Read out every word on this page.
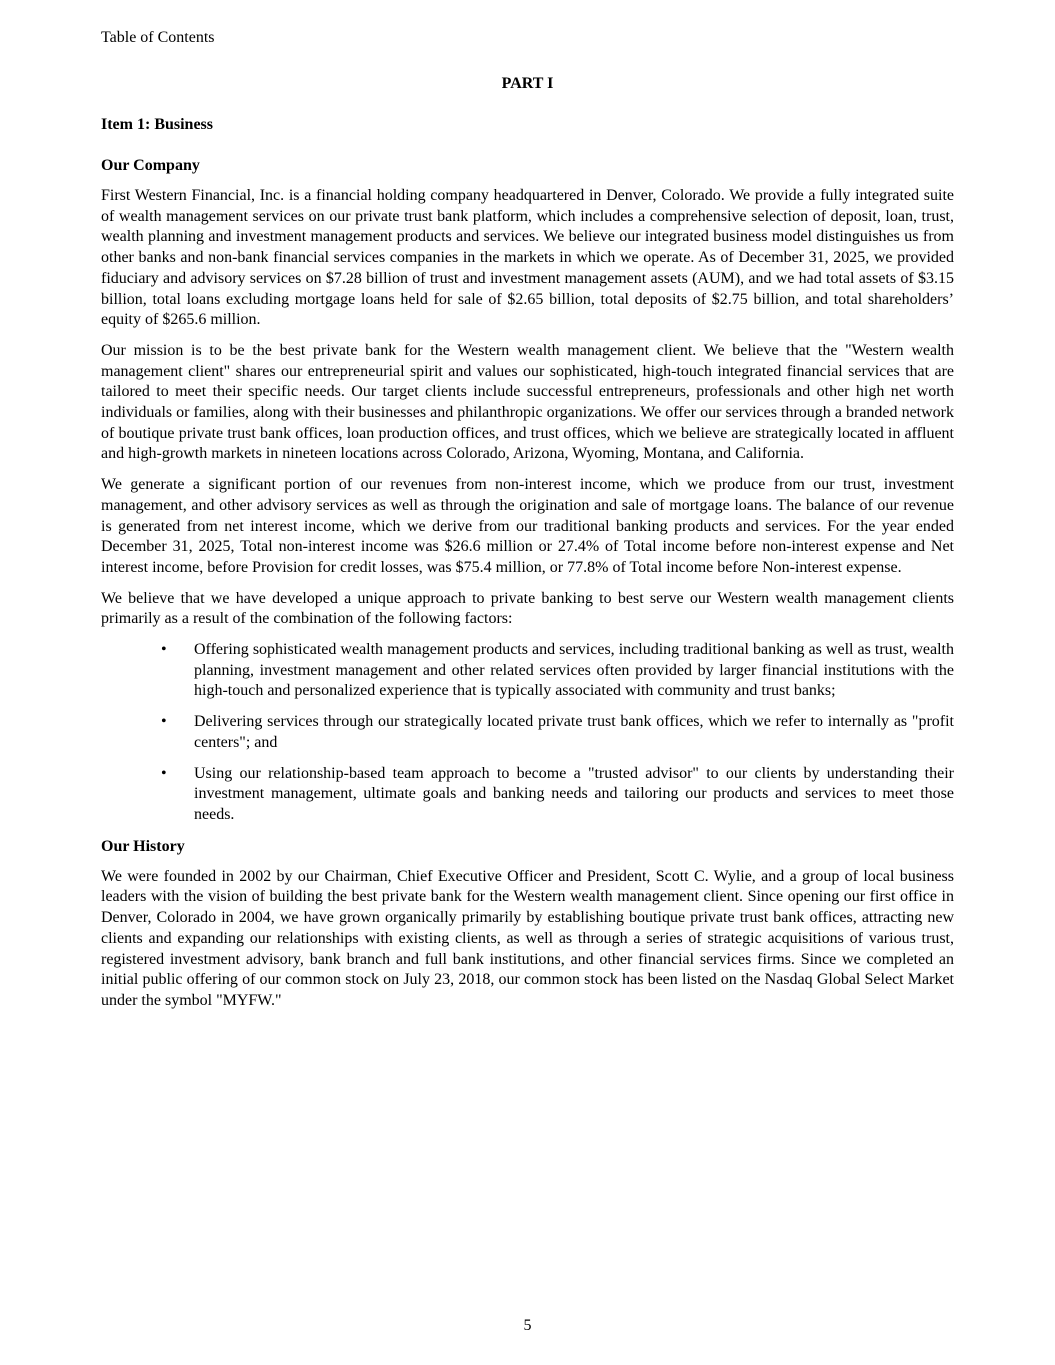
Table of Contents
PART I
Item 1: Business
Our Company

First Western Financial, Inc. is a financial holding company headquartered in Denver, Colorado. We provide a fully integrated suite of wealth management services on our private trust bank platform, which includes a comprehensive selection of deposit, loan, trust, wealth planning and investment management products and services. We believe our integrated business model distinguishes us from other banks and non-bank financial services companies in the markets in which we operate. As of December 31, 2025, we provided fiduciary and advisory services on $7.28 billion of trust and investment management assets (AUM), and we had total assets of $3.15 billion, total loans excluding mortgage loans held for sale of $2.65 billion, total deposits of $2.75 billion, and total shareholders’ equity of $265.6 million.

Our mission is to be the best private bank for the Western wealth management client. We believe that the "Western wealth management client" shares our entrepreneurial spirit and values our sophisticated, high-touch integrated financial services that are tailored to meet their specific needs. Our target clients include successful entrepreneurs, professionals and other high net worth individuals or families, along with their businesses and philanthropic organizations. We offer our services through a branded network of boutique private trust bank offices, loan production offices, and trust offices, which we believe are strategically located in affluent and high-growth markets in nineteen locations across Colorado, Arizona, Wyoming, Montana, and California.

We generate a significant portion of our revenues from non-interest income, which we produce from our trust, investment management, and other advisory services as well as through the origination and sale of mortgage loans. The balance of our revenue is generated from net interest income, which we derive from our traditional banking products and services. For the year ended December 31, 2025, Total non-interest income was $26.6 million or 27.4% of Total income before non-interest expense and Net interest income, before Provision for credit losses, was $75.4 million, or 77.8% of Total income before Non-interest expense.

We believe that we have developed a unique approach to private banking to best serve our Western wealth management clients primarily as a result of the combination of the following factors:

• Offering sophisticated wealth management products and services, including traditional banking as well as trust, wealth planning, investment management and other related services often provided by larger financial institutions with the high-touch and personalized experience that is typically associated with community and trust banks;
• Delivering services through our strategically located private trust bank offices, which we refer to internally as "profit centers"; and
• Using our relationship-based team approach to become a "trusted advisor" to our clients by understanding their investment management, ultimate goals and banking needs and tailoring our products and services to meet those needs.
Our History

We were founded in 2002 by our Chairman, Chief Executive Officer and President, Scott C. Wylie, and a group of local business leaders with the vision of building the best private bank for the Western wealth management client. Since opening our first office in Denver, Colorado in 2004, we have grown organically primarily by establishing boutique private trust bank offices, attracting new clients and expanding our relationships with existing clients, as well as through a series of strategic acquisitions of various trust, registered investment advisory, bank branch and full bank institutions, and other financial services firms. Since we completed an initial public offering of our common stock on July 23, 2018, our common stock has been listed on the Nasdaq Global Select Market under the symbol "MYFW."

5
